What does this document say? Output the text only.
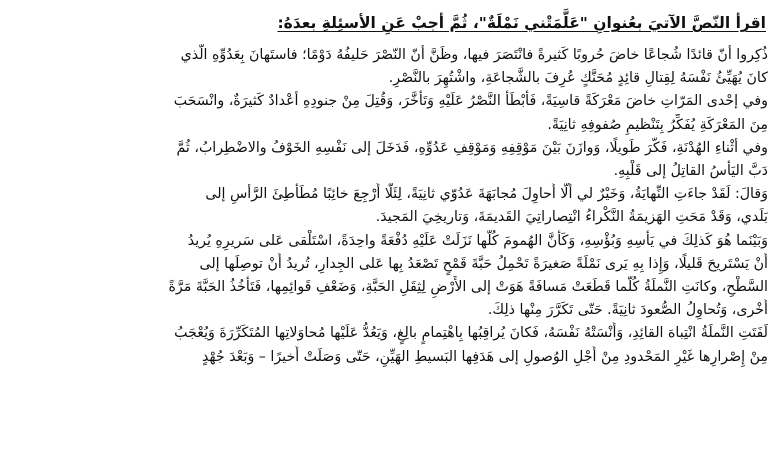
اقرأ النّصَّ الآتيَ بعُنوانِ "عَلَّمَتْني نَمْلَةٌ"، ثُمَّ أجبْ عَنِ الأسئِلةِ بعدَهُ:

ذُكِروا أنّ قائدًا شُجاعًا خاضَ حُروبًا كَثيرةً فانْتَصَرَ فيها، وظَنَّ أنّ النّصْرَ حَليفُهُ دَوْمًا؛ فاستَهانَ بِعَدُوِّهِ الّذي
كانَ يُهَيِّئُ نَفْسَهُ لِقِتالِ قائِدٍ مُحَنَّكٍ عُرِفَ بالشَّجاعَةِ، واشْتُهِرَ بالنَّصْرِ.

وفي إحْدى المَرّاتِ خاضَ مَعْرَكَةً قاسِيَةً، فَأبْطَأَ النَّصْرُ عَلَيْهِ وَتَأَخَّرَ، وَقُتِلَ مِنْ جنودِهِ أعْدادٌ كَثيرَةٌ، وانْسَحَبَ
مِنَ المَعْرَكَةِ يُفَكِّرُ بِتَنْظيمِ صُفوفِهِ ثانِيَةً.

وفي أثْناءِ الهُدْنَةِ، فَكَّرَ طَويلًا، وَوازَنَ بَيْنَ مَوْقِفِهِ وَمَوْقِفِ عَدُوِّهِ، فَدَخَلَ إلى نَفْسِهِ الخَوْفُ والاضْطِرابُ، ثُمَّ
دَبَّ اليَأْسُ القاتِلُ إلى قَلْبِهِ.

وَقالَ: لَقَدْ جاءَتِ النِّهايَةُ، وَخَيْرٌ لي أَلّا أُحاوِلَ مُجابَهَةَ عَدُوّي ثانِيَةً، لِئَلّا أَرْجِعَ خائِبًا مُطَأْطِئَ الرَّأسِ إلى
بَلَدي، وَقَدْ مَحَتِ الهَزيمَةُ النَّكْراءُ انْتِصاراتِيَ القَديمَةَ، وَتاريخِيَ المَجيدَ.

وَبَيْنَما هُوَ كَذلِكَ في يَأْسِهِ وَبُؤْسِهِ، وَكَأَنَّ الهُمومَ كُلَّها نَزَلَتْ عَلَيْهِ دُفْعَةً واحِدَةً، اسْتَلْقى عَلى سَريرِهِ يُريدُ
أَنْ يَسْتَريحَ قَليلًا، وَإِذا بِهِ يَرى نَمْلَةً صَغيرَةً تَحْمِلُ حَبَّةَ قَمْحٍ تَصْعَدُ بِها عَلى الجِدارِ، تُريدُ أَنْ توصِلَها إلى
السَّطْحِ، وكانَتِ النَّملَةُ كُلَّما قَطَعَتْ مَسافَةً هَوَتْ إلى الأَرْضِ لِثِقَلِ الحَبَّةِ، وَضَعْفِ قَوائِمِها، فَتَأْخُذُ الحَبَّةَ مَرَّةً
أُخْرى، وَتُحاوِلُ الصُّعودَ ثانِيَةً. حَتّى تَكَرَّرَ مِنْها ذلِكَ.

لَفَتَتِ النَّملَةُ انْتِباهَ القائِدِ، وَأَنْسَتْهُ نَفْسَهُ، فَكانَ يُراقِبُها بِاهْتِمامٍ بالِغٍ، وَيَعُدُّ عَلَيْها مُحاوَلاتِها المُتَكَرِّرَةَ وَيُعْجَبُ
مِنْ إِصْرارِها غَيْرِ المَحْدودِ مِنْ أَجْلِ الوُصولِ إلى هَدَفِها البَسيطِ الهَيِّنِ، حَتّى وَصَلَتْ أَخيرًا – وَبَعْدَ جُهْدٍ
